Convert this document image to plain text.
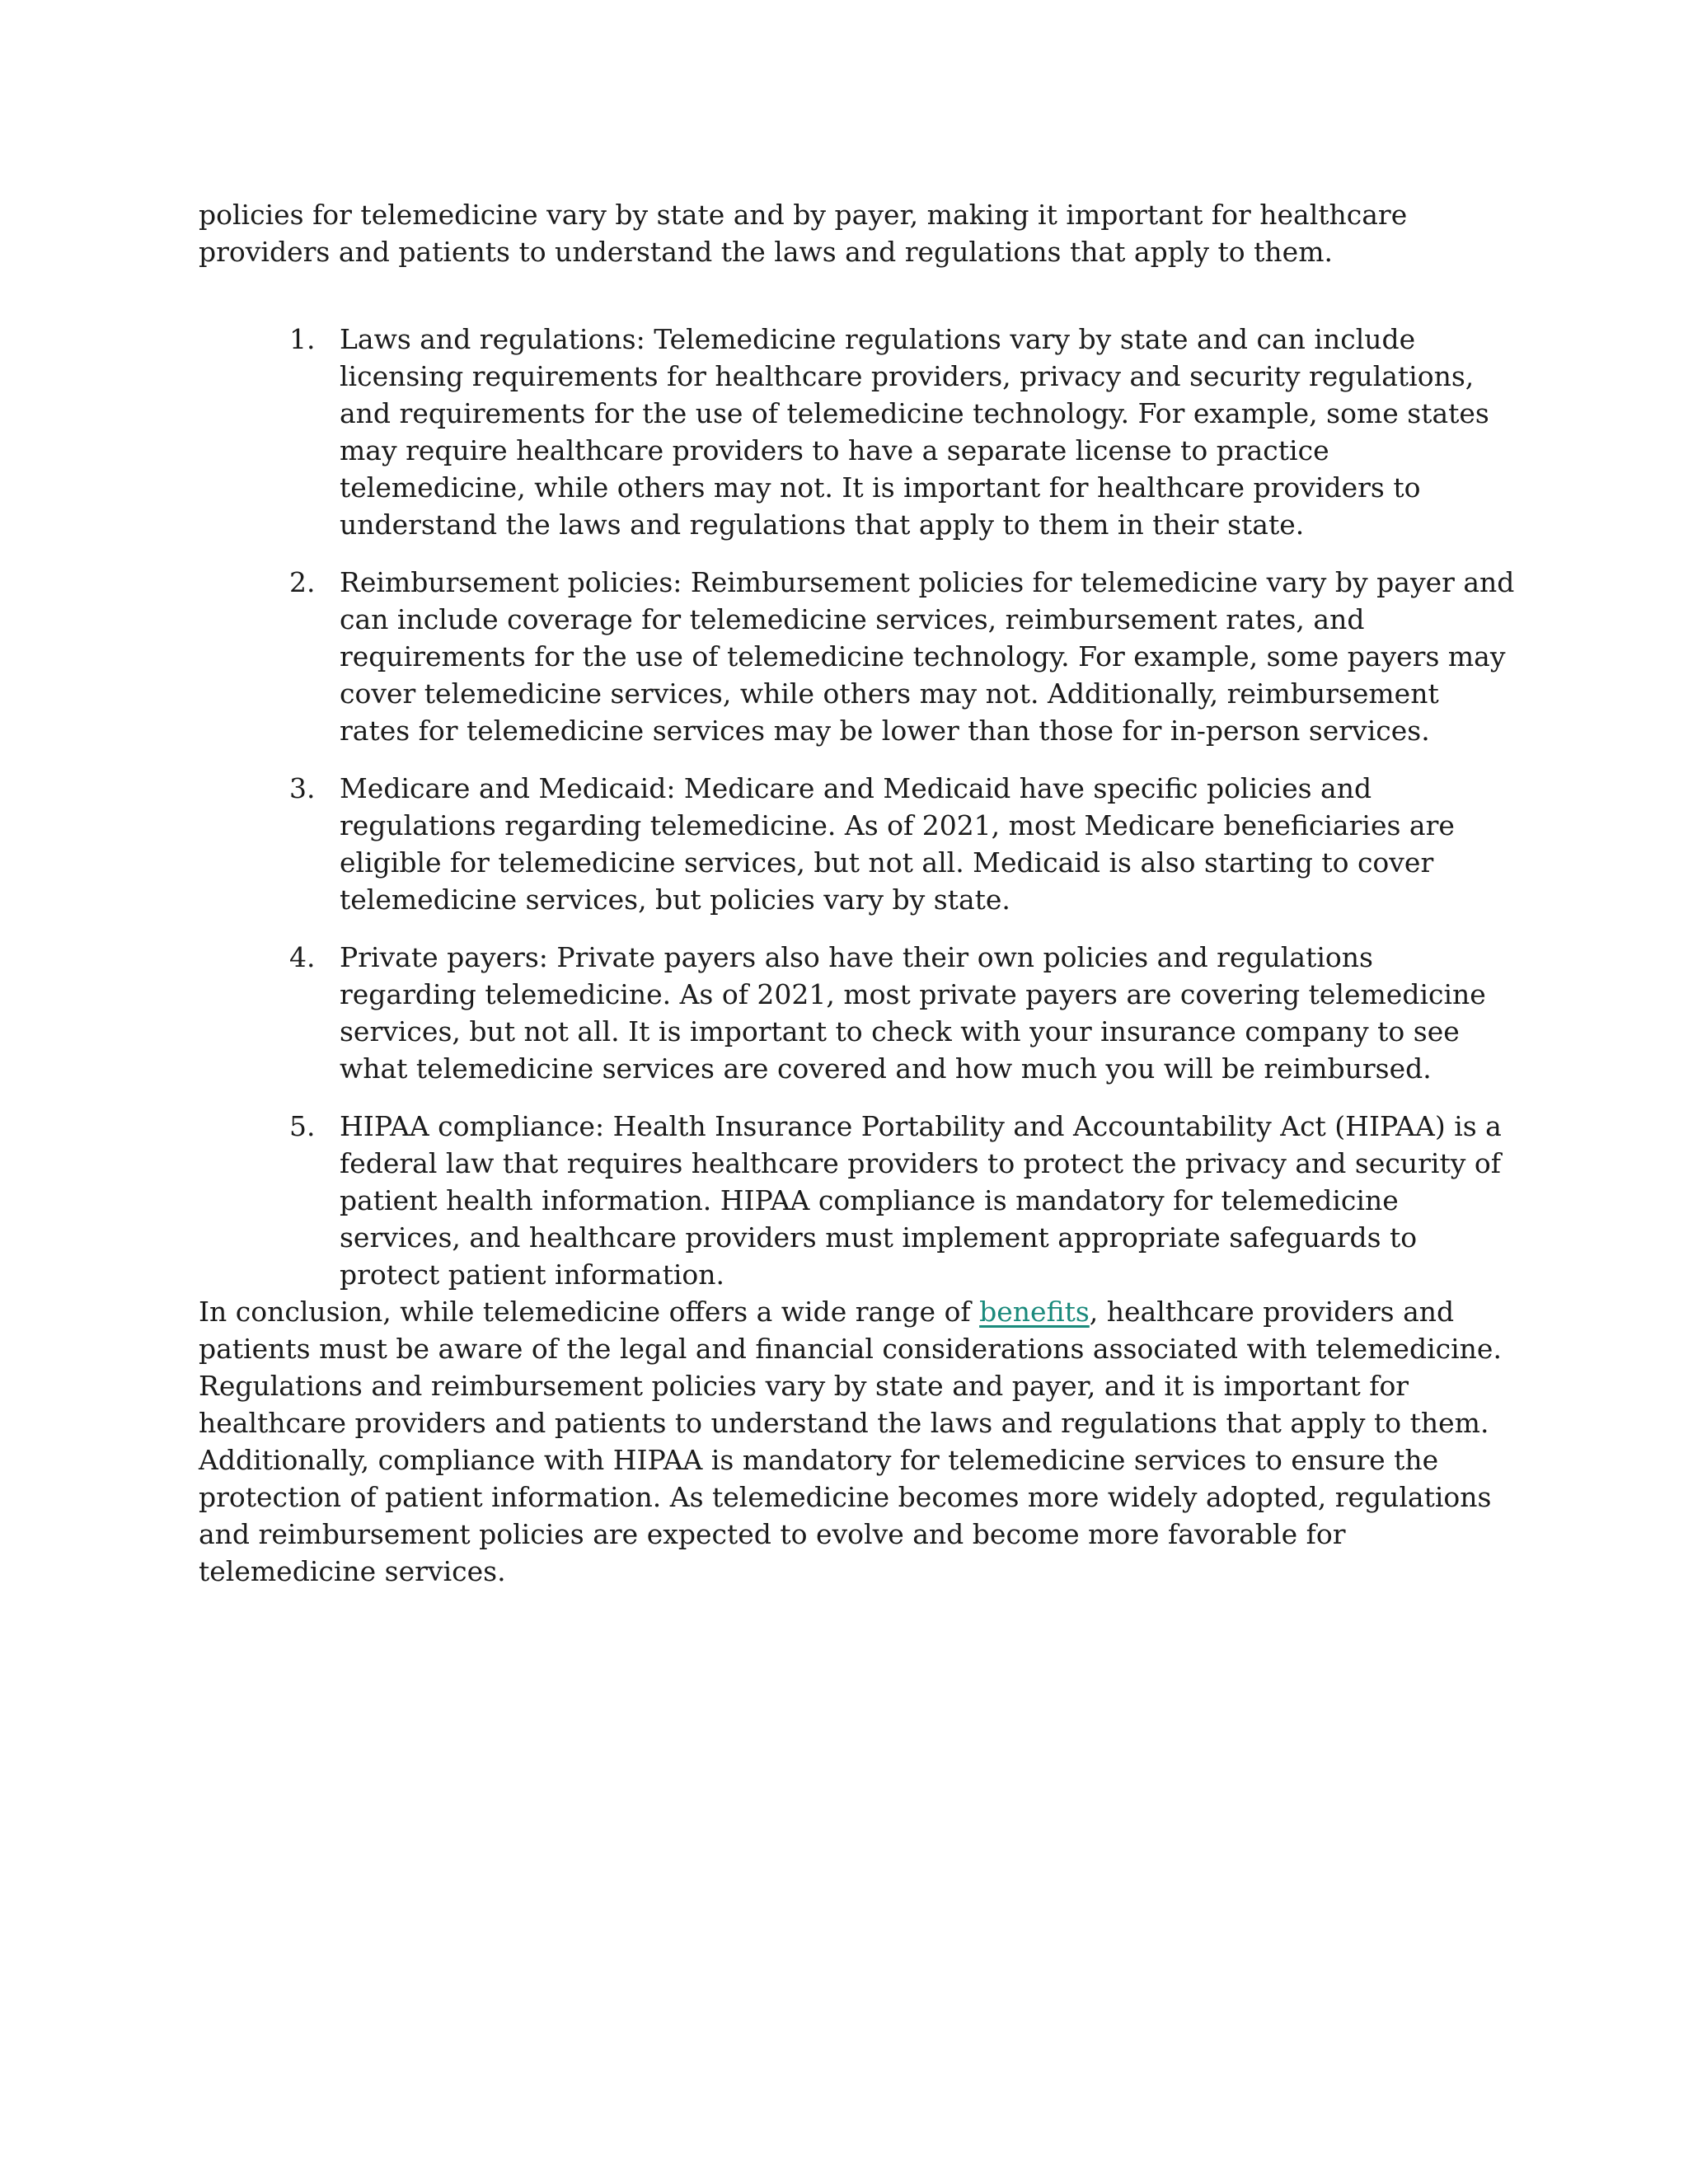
policies for telemedicine vary by state and by payer, making it important for healthcare providers and patients to understand the laws and regulations that apply to them.

1. Laws and regulations: Telemedicine regulations vary by state and can include licensing requirements for healthcare providers, privacy and security regulations, and requirements for the use of telemedicine technology. For example, some states may require healthcare providers to have a separate license to practice telemedicine, while others may not. It is important for healthcare providers to understand the laws and regulations that apply to them in their state.
2. Reimbursement policies: Reimbursement policies for telemedicine vary by payer and can include coverage for telemedicine services, reimbursement rates, and requirements for the use of telemedicine technology. For example, some payers may cover telemedicine services, while others may not. Additionally, reimbursement rates for telemedicine services may be lower than those for in-person services.
3. Medicare and Medicaid: Medicare and Medicaid have specific policies and regulations regarding telemedicine. As of 2021, most Medicare beneficiaries are eligible for telemedicine services, but not all. Medicaid is also starting to cover telemedicine services, but policies vary by state.
4. Private payers: Private payers also have their own policies and regulations regarding telemedicine. As of 2021, most private payers are covering telemedicine services, but not all. It is important to check with your insurance company to see what telemedicine services are covered and how much you will be reimbursed.
5. HIPAA compliance: Health Insurance Portability and Accountability Act (HIPAA) is a federal law that requires healthcare providers to protect the privacy and security of patient health information. HIPAA compliance is mandatory for telemedicine services, and healthcare providers must implement appropriate safeguards to protect patient information.

In conclusion, while telemedicine offers a wide range of benefits, healthcare providers and patients must be aware of the legal and financial considerations associated with telemedicine. Regulations and reimbursement policies vary by state and payer, and it is important for healthcare providers and patients to understand the laws and regulations that apply to them. Additionally, compliance with HIPAA is mandatory for telemedicine services to ensure the protection of patient information. As telemedicine becomes more widely adopted, regulations and reimbursement policies are expected to evolve and become more favorable for telemedicine services.
